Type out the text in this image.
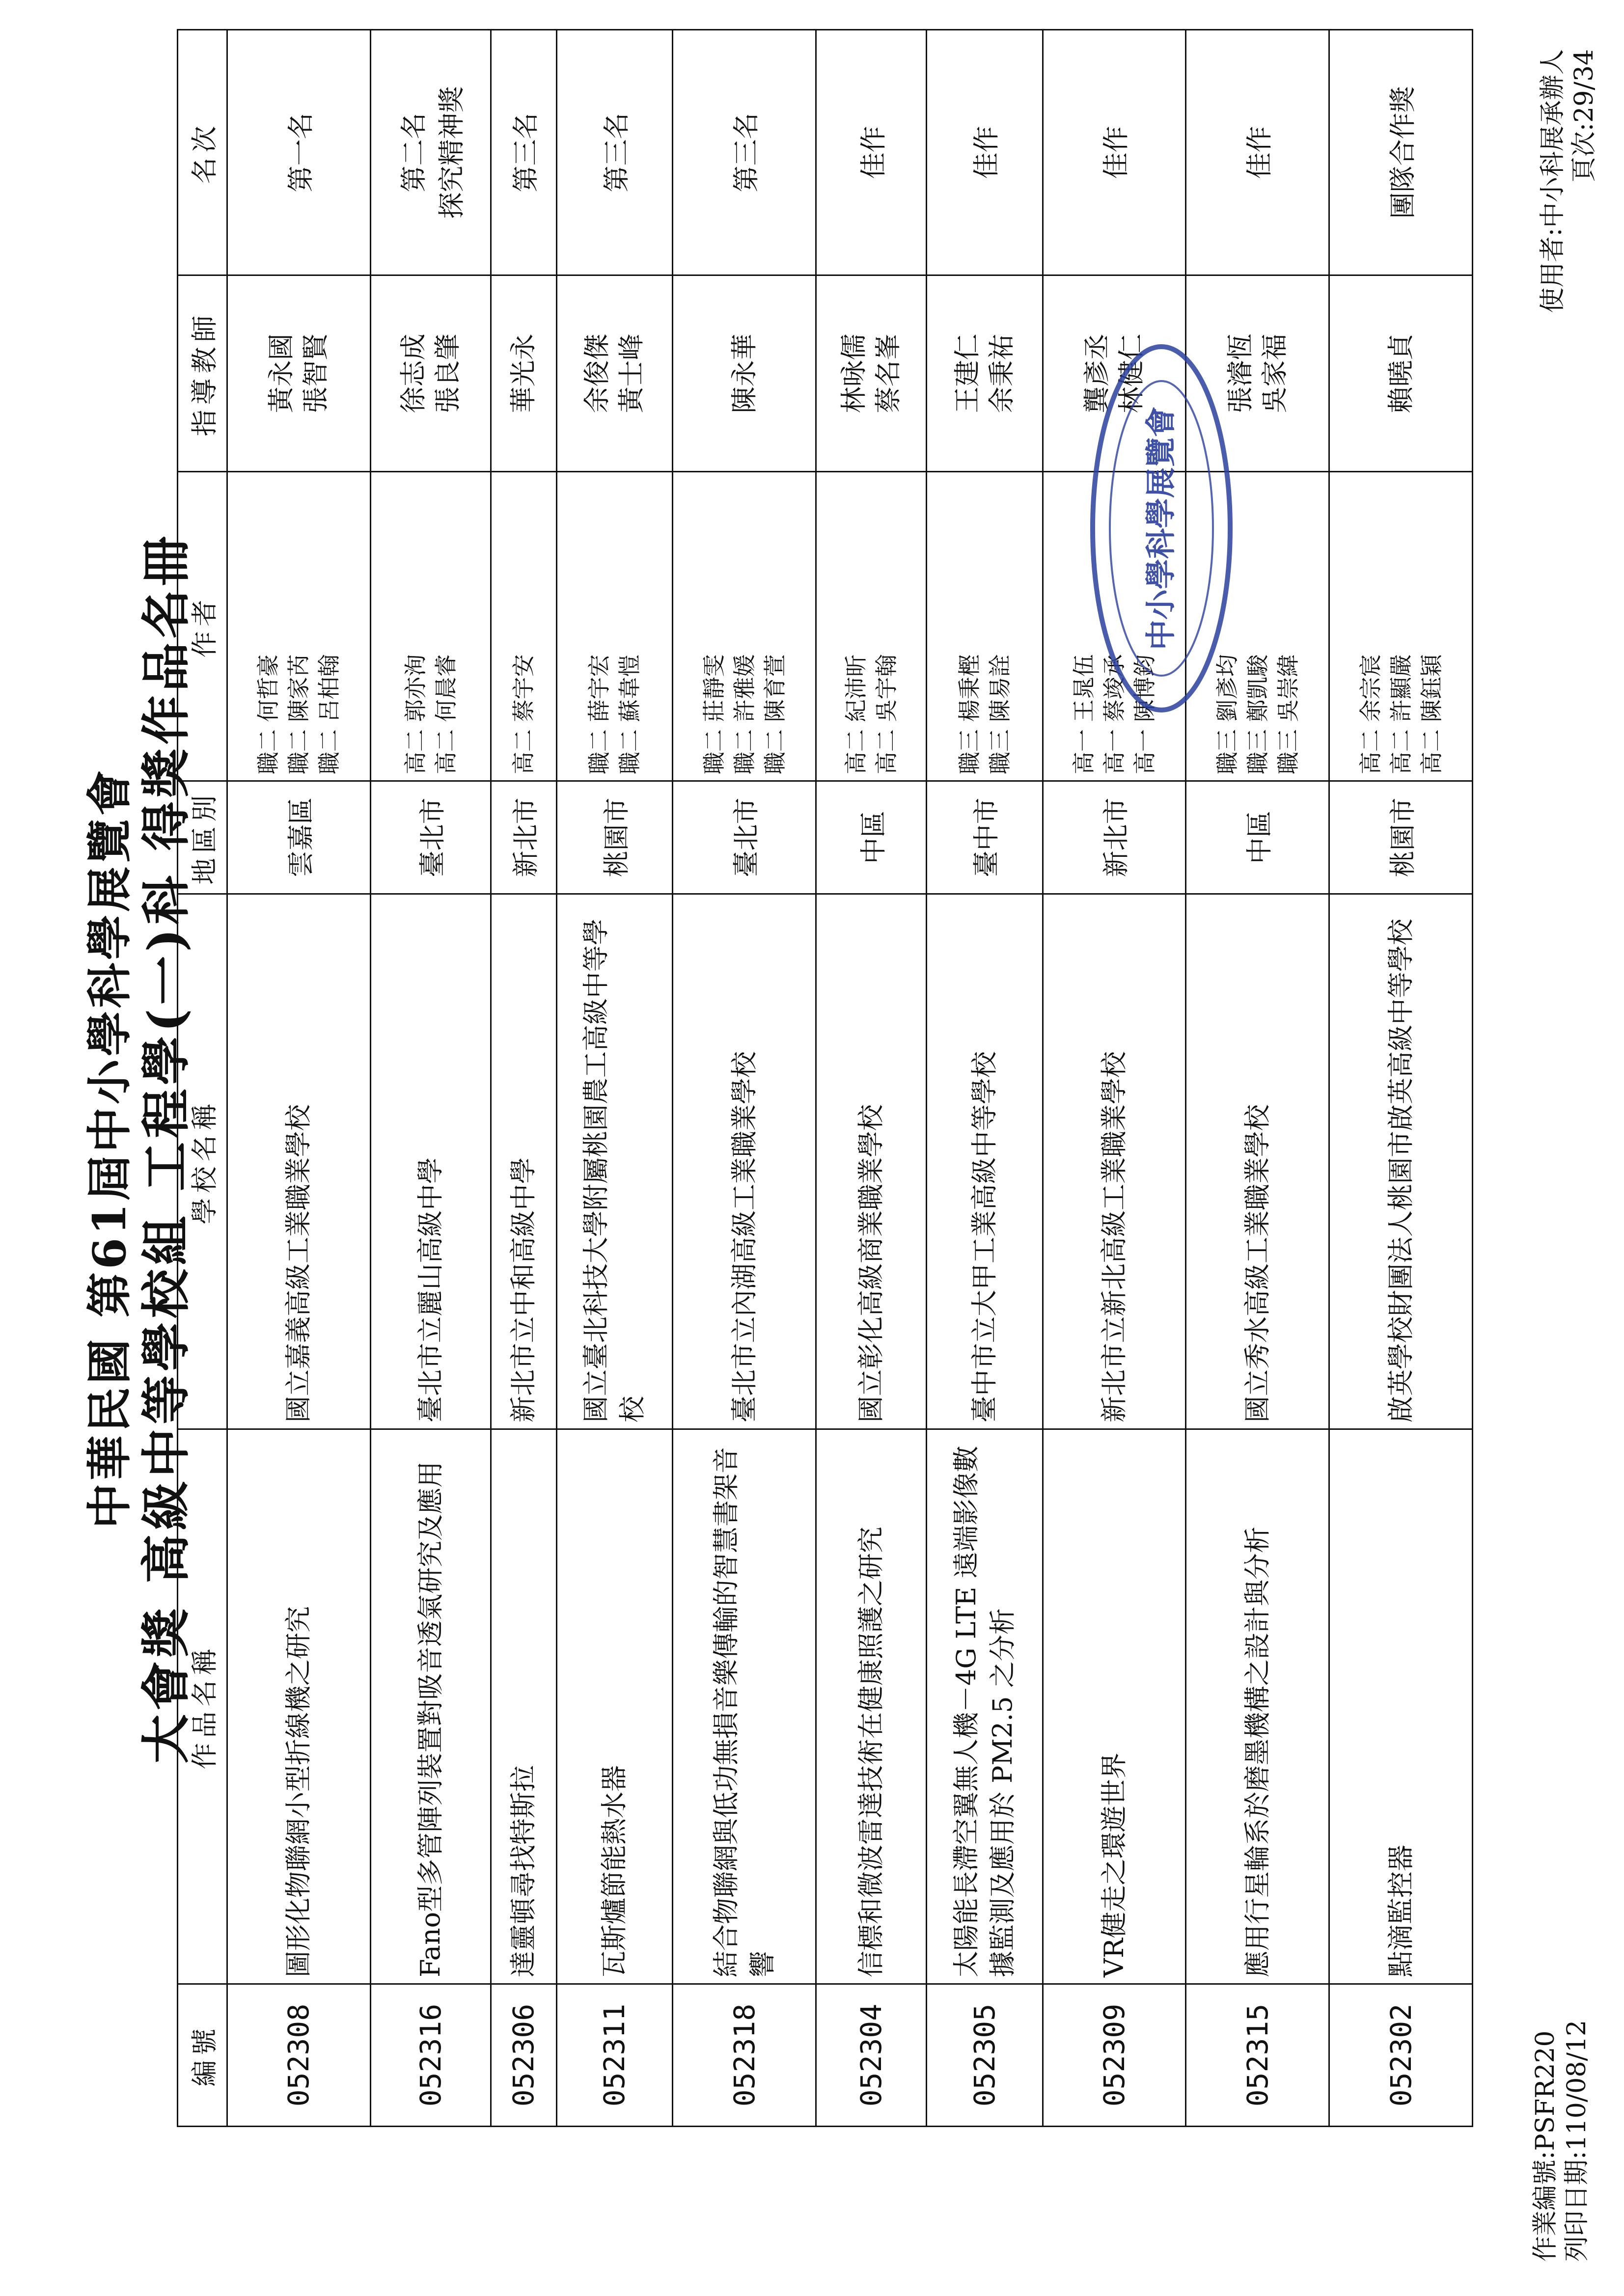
中華民國 第61屆中小學科學展覽會 大會獎 高級中等學校組 工程學(一)科 得獎作品名冊
編號	作品名稱	學校名稱	地區別	作者	指導教師	名次
052308	圖形化物聯網小型折線機之研究	國立嘉義高級工業職業學校	雲嘉區	職二 何哲豪 職二 陳家芮 職二 呂柏翰	黃永國 張智賢	第一名

052316	Fano型多管陣列裝置對吸音透氣研究及應用	臺北市立麗山高級中學	臺北市	高二 郭亦洵 高二 何晨睿	徐志成 張良肇	第二名 探究精神獎

052306	達靈頓尋找特斯拉	新北市立中和高級中學	新北市	高二 蔡宇安	華光永	第三名

052311	瓦斯爐節能熱水器	國立臺北科技大學附屬桃園農工高級中等學校	桃園市	職二 薛宇宏 職二 蘇韋愷	余俊傑 黃士峰	第三名

052318	結合物聯網與低功無損音樂傳輸的智慧書架音響	臺北市立內湖高級工業職業學校	臺北市	職二 莊靜雯 職二 許雅媛 職二 陳育萱	陳永華	第三名

052304	信標和微波雷達技術在健康照護之研究	國立彰化高級商業職業學校	中區	高二 紀沛昕 高二 吳宇翰	林咏儒 蔡名峯	佳作

052305	太陽能長滯空翼無人機－4G LTE 遠端影像數據監測及應用於 PM2.5 之分析	臺中市立大甲工業高級中等學校	臺中市	職三 楊秉樫 職三 陳易詮	王建仁 余秉祐	佳作

052309	VR健走之環遊世界	新北市立新北高級工業職業學校	新北市	高一 王晁伍 高一 蔡竣承 高一 陳博鈞	龔彥丞 林健仁	佳作

052315	應用行星輪系於磨墨機構之設計與分析	國立秀水高級工業職業學校	中區	職三 劉彥均 職三 鄭凱駿 職三 吳崇緯	張濬恆 吳家福	佳作

052302	點滴監控器	啟英學校財團法人桃園市啟英高級中等學校	桃園市	高二 余宗宸 高二 許顯嚴 高二 陳鈺穎	賴曉貞	團隊合作獎
作業編號:PSFR220 列印日期:110/08/12
使用者:中小科展承辦人 頁次:29/34
中小學科學展覽會
